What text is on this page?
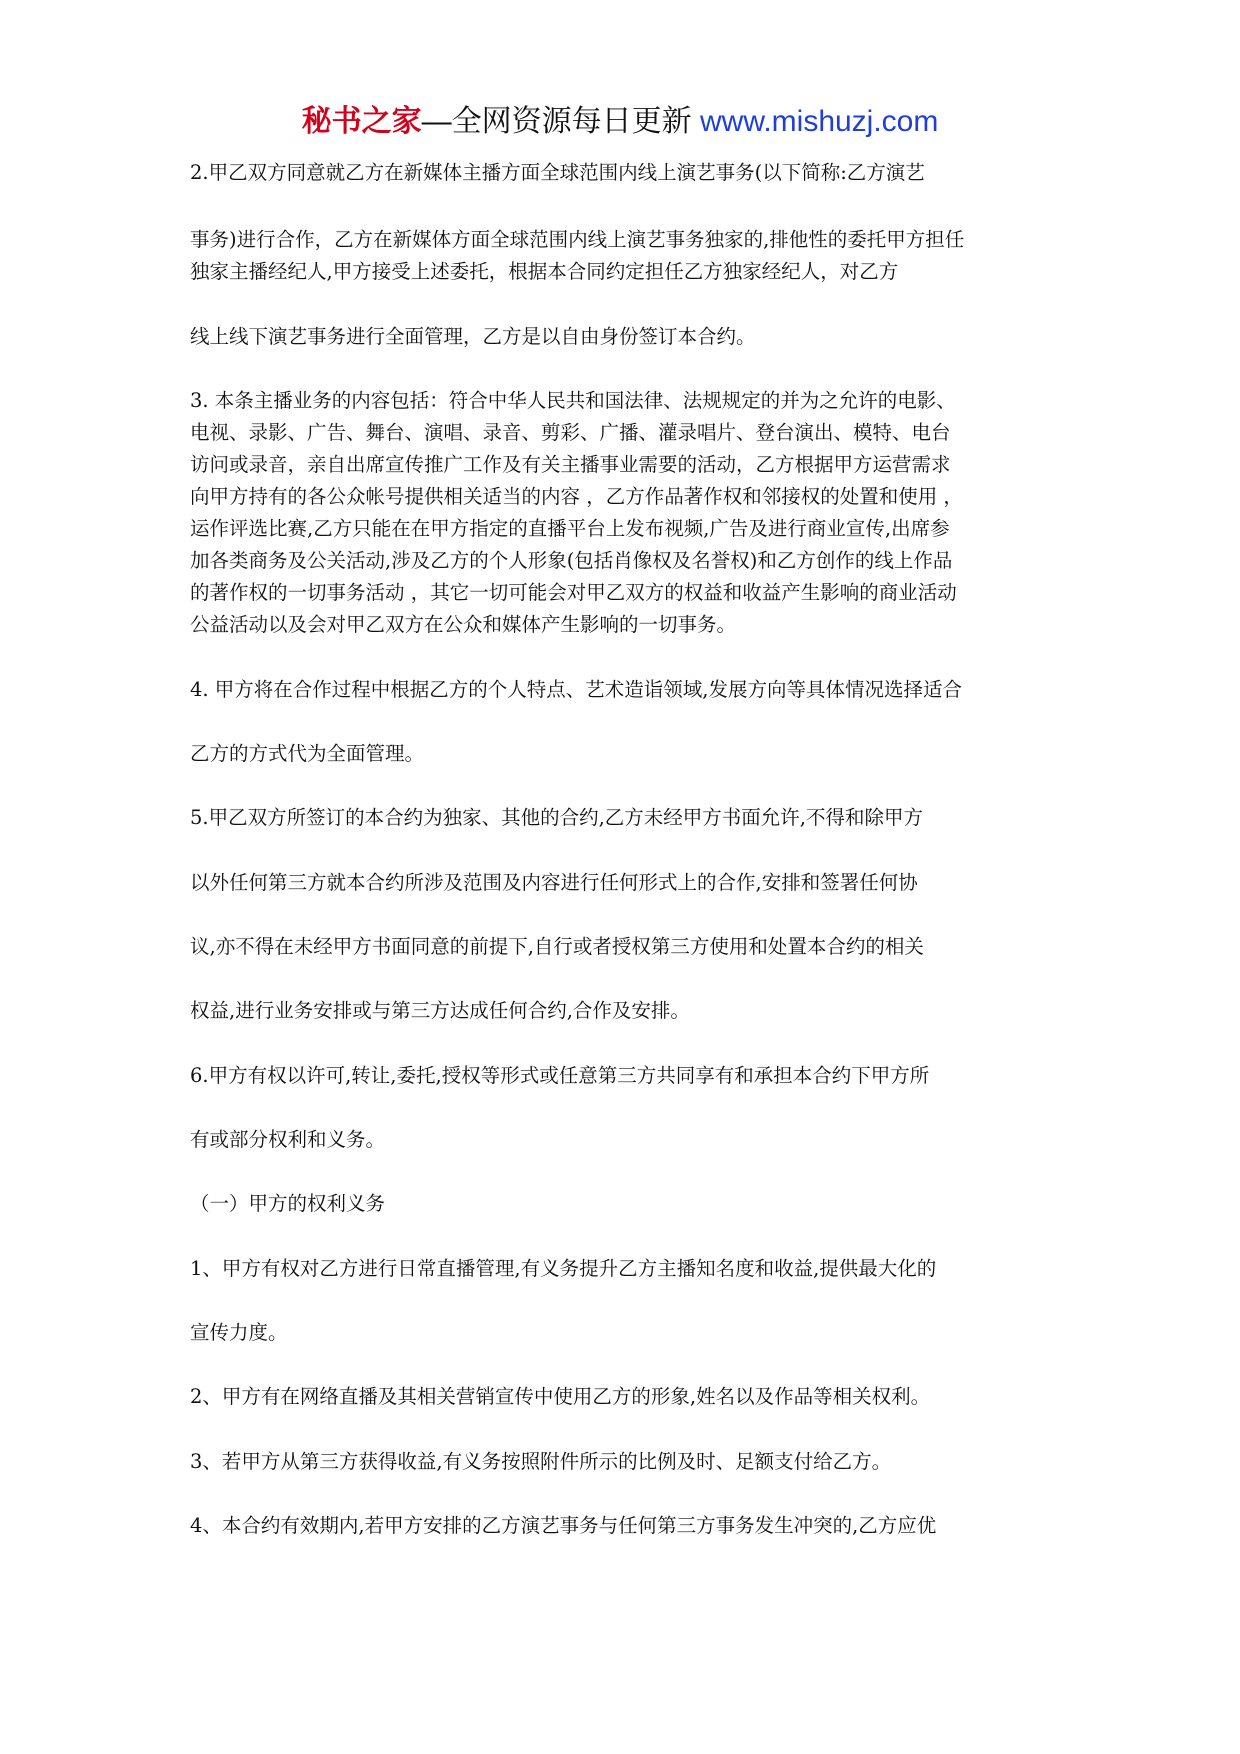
秘书之家—全网资源每日更新 www.mishuzj.com
2.甲乙双方同意就乙方在新媒体主播方面全球范围内线上演艺事务(以下简称:乙方演艺
事务)进行合作，乙方在新媒体方面全球范围内线上演艺事务独家的,排他性的委托甲方担任
独家主播经纪人,甲方接受上述委托，根据本合同约定担任乙方独家经纪人，对乙方
线上线下演艺事务进行全面管理，乙方是以自由身份签订本合约。
3. 本条主播业务的内容包括：符合中华人民共和国法律、法规规定的并为之允许的电影、
电视、录影、广告、舞台、演唱、录音、剪彩、广播、灌录唱片、登台演出、模特、电台
访问或录音，亲自出席宣传推广工作及有关主播事业需要的活动，乙方根据甲方运营需求
向甲方持有的各公众帐号提供相关适当的内容 ，乙方作品著作权和邻接权的处置和使用 ，
运作评选比赛,乙方只能在在甲方指定的直播平台上发布视频,广告及进行商业宣传,出席参
加各类商务及公关活动,涉及乙方的个人形象(包括肖像权及名誉权)和乙方创作的线上作品
的著作权的一切事务活动 ，其它一切可能会对甲乙双方的权益和收益产生影响的商业活动
公益活动以及会对甲乙双方在公众和媒体产生影响的一切事务。
4. 甲方将在合作过程中根据乙方的个人特点、艺术造诣领域,发展方向等具体情况选择适合
乙方的方式代为全面管理。
5.甲乙双方所签订的本合约为独家、其他的合约,乙方未经甲方书面允许,不得和除甲方
以外任何第三方就本合约所涉及范围及内容进行任何形式上的合作,安排和签署任何协
议,亦不得在未经甲方书面同意的前提下,自行或者授权第三方使用和处置本合约的相关
权益,进行业务安排或与第三方达成任何合约,合作及安排。
6.甲方有权以许可,转让,委托,授权等形式或任意第三方共同享有和承担本合约下甲方所
有或部分权利和义务。
（一）甲方的权利义务
1、甲方有权对乙方进行日常直播管理,有义务提升乙方主播知名度和收益,提供最大化的
宣传力度。
2、甲方有在网络直播及其相关营销宣传中使用乙方的形象,姓名以及作品等相关权利。
3、若甲方从第三方获得收益,有义务按照附件所示的比例及时、足额支付给乙方。
4、本合约有效期内,若甲方安排的乙方演艺事务与任何第三方事务发生冲突的,乙方应优
